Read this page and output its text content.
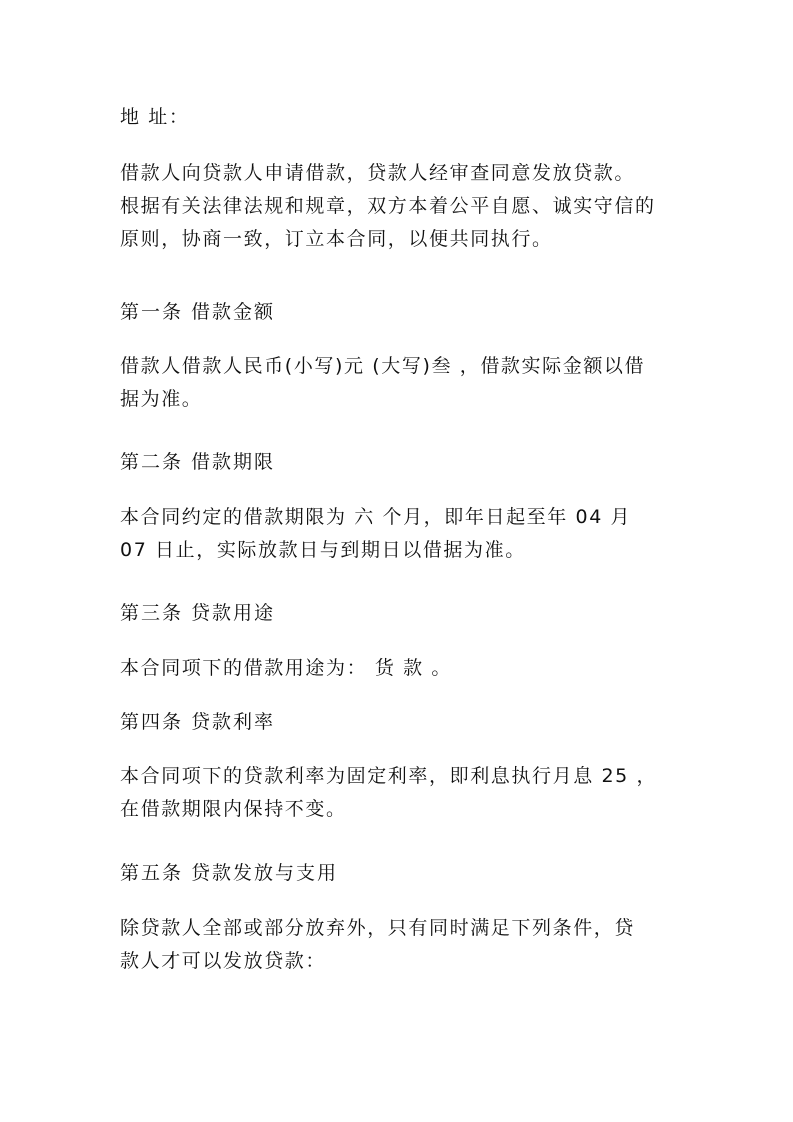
地 址：

借款人向贷款人申请借款，贷款人经审查同意发放贷款。
根据有关法律法规和规章，双方本着公平自愿、诚实守信的
原则，协商一致，订立本合同，以便共同执行。

第一条 借款金额

借款人借款人民币(小写)元 (大写)叁 ，借款实际金额以借
据为准。

第二条 借款期限

本合同约定的借款期限为 六 个月，即年日起至年 04 月
07 日止，实际放款日与到期日以借据为准。

第三条 贷款用途

本合同项下的借款用途为： 货 款 。

第四条 贷款利率

本合同项下的贷款利率为固定利率，即利息执行月息 25 ，
在借款期限内保持不变。

第五条 贷款发放与支用

除贷款人全部或部分放弃外，只有同时满足下列条件，贷
款人才可以发放贷款：
